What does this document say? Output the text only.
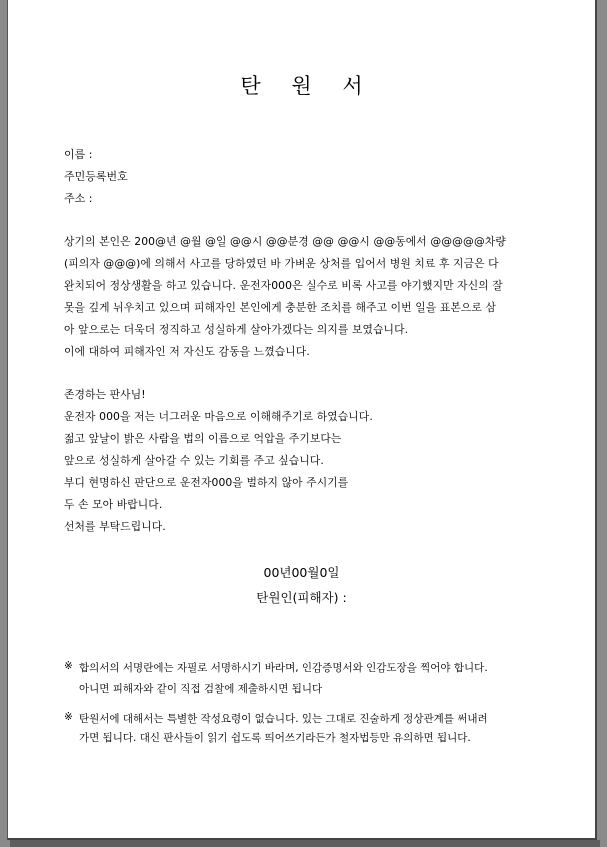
탄 원 서
이름 :
주민등록번호
주소 :
상기의 본인은 200@년 @월 @일 @@시 @@분경 @@ @@시 @@동에서 @@@@@차량
(피의자 @@@)에 의해서 사고를 당하였던 바 가벼운 상처를 입어서 병원 치료 후 지금은 다
완치되어 정상생활을 하고 있습니다. 운전자000은 실수로 비록 사고를 야기했지만 자신의 잘
못을 깊게 뉘우치고 있으며 피해자인 본인에게 충분한 조치를 해주고 이번 일을 표본으로 삼
아 앞으로는 더욱더 정직하고 성실하게 살아가겠다는 의지를 보였습니다.
이에 대하여 피해자인 저 자신도 감동을 느꼈습니다.
존경하는 판사님!
운전자 000을 저는 너그러운 마음으로 이해해주기로 하였습니다.
젊고 앞날이 밝은 사람을 법의 이름으로 억압을 주기보다는
앞으로 성실하게 살아갈 수 있는 기회를 주고 싶습니다.
부디 현명하신 판단으로 운전자000을 벌하지 않아 주시기를
두 손 모아 바랍니다.
선처를 부탁드립니다.
00년00월0일
탄원인(피해자) :
※ 합의서의 서명란에는 자필로 서명하시기 바라며, 인감증명서와 인감도장을 찍어야 합니다.
아니면 피해자와 같이 직접 검찰에 제출하시면 됩니다
※ 탄원서에 대해서는 특별한 작성요령이 없습니다. 있는 그대로 진술하게 정상관계를 써내려
가면 됩니다. 대신 판사들이 읽기 쉽도록 띄어쓰기라든가 철자법등만 유의하면 됩니다.
